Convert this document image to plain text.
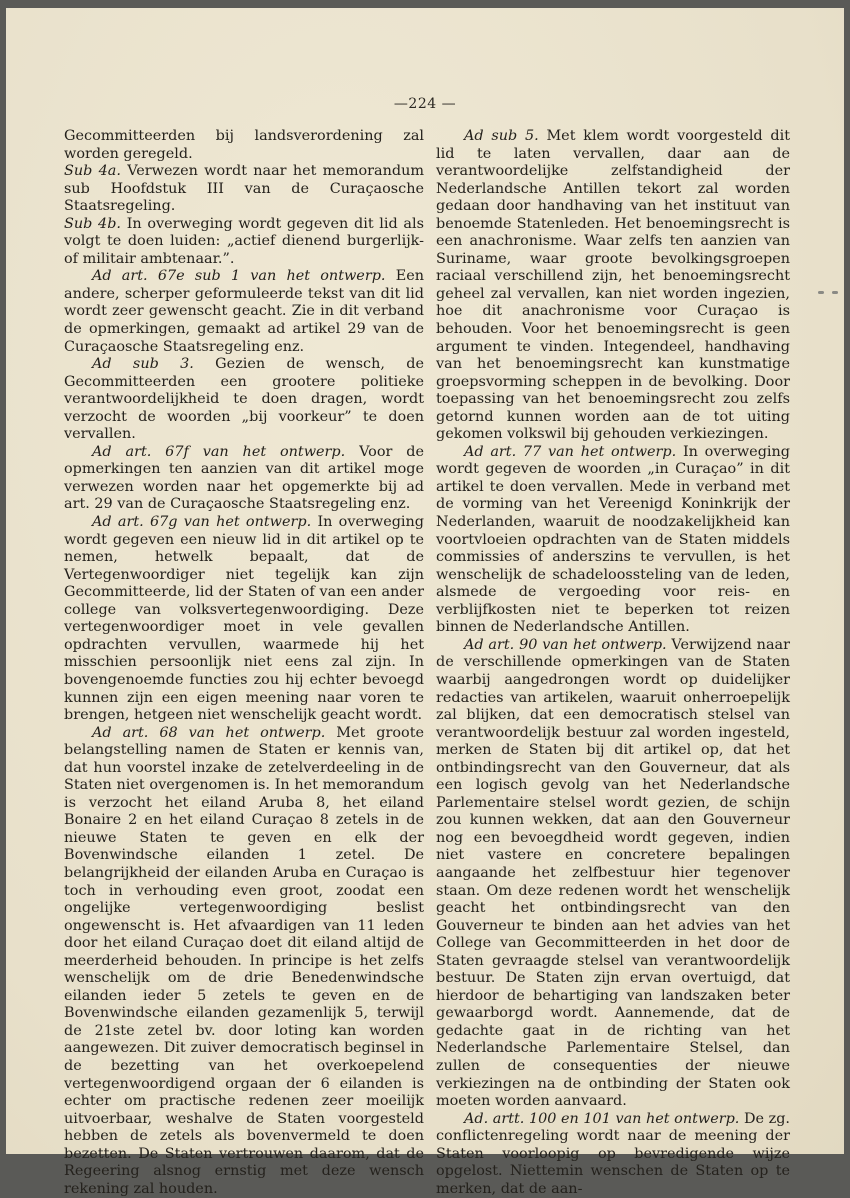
—224 —

Gecommitteerden bij landsverordening zal worden geregeld.

Sub 4a. Verwezen wordt naar het memorandum sub Hoofdstuk III van de Curaçaosche Staatsregeling.

Sub 4b. In overweging wordt gegeven dit lid als volgt te doen luiden: „actief dienend burgerlijk- of militair ambtenaar.”.

Ad art. 67e sub 1 van het ontwerp. Een andere, scherper geformuleerde tekst van dit lid wordt zeer gewenscht geacht. Zie in dit verband de opmerkingen, gemaakt ad artikel 29 van de Curaçaosche Staatsregeling enz.

Ad sub 3. Gezien de wensch, de Gecommitteerden een grootere politieke verantwoordelijkheid te doen dragen, wordt verzocht de woorden „bij voorkeur” te doen vervallen.

Ad art. 67f van het ontwerp. Voor de opmerkingen ten aanzien van dit artikel moge verwezen worden naar het opgemerkte bij ad art. 29 van de Curaçaosche Staatsregeling enz.

Ad art. 67g van het ontwerp. In overweging wordt gegeven een nieuw lid in dit artikel op te nemen, hetwelk bepaalt, dat de Vertegenwoordiger niet tegelijk kan zijn Gecommitteerde, lid der Staten of van een ander college van volksvertegenwoordiging. Deze vertegenwoordiger moet in vele gevallen opdrachten vervullen, waarmede hij het misschien persoonlijk niet eens zal zijn. In bovengenoemde functies zou hij echter bevoegd kunnen zijn een eigen meening naar voren te brengen, hetgeen niet wenschelijk geacht wordt.

Ad art. 68 van het ontwerp. Met groote belangstelling namen de Staten er kennis van, dat hun voorstel inzake de zetelverdeeling in de Staten niet overgenomen is. In het memorandum is verzocht het eiland Aruba 8, het eiland Bonaire 2 en het eiland Curaçao 8 zetels in de nieuwe Staten te geven en elk der Bovenwindsche eilanden 1 zetel. De belangrijkheid der eilanden Aruba en Curaçao is toch in verhouding even groot, zoodat een ongelijke vertegenwoordiging beslist ongewenscht is. Het afvaardigen van 11 leden door het eiland Curaçao doet dit eiland altijd de meerderheid behouden. In principe is het zelfs wenschelijk om de drie Benedenwindsche eilanden ieder 5 zetels te geven en de Bovenwindsche eilanden gezamenlijk 5, terwijl de 21ste zetel bv. door loting kan worden aangewezen. Dit zuiver democratisch beginsel in de bezetting van het overkoepelend vertegenwoordigend orgaan der 6 eilanden is echter om practische redenen zeer moeilijk uitvoerbaar, weshalve de Staten voorgesteld hebben de zetels als bovenvermeld te doen bezetten. De Staten vertrouwen daarom, dat de Regeering alsnog ernstig met deze wensch rekening zal houden.

Ad sub 5. Met klem wordt voorgesteld dit lid te laten vervallen, daar aan de verantwoordelijke zelfstandigheid der Nederlandsche Antillen tekort zal worden gedaan door handhaving van het instituut van benoemde Statenleden. Het benoemingsrecht is een anachronisme. Waar zelfs ten aanzien van Suriname, waar groote bevolkingsgroepen raciaal verschillend zijn, het benoemingsrecht geheel zal vervallen, kan niet worden ingezien, hoe dit anachronisme voor Curaçao is behouden. Voor het benoemingsrecht is geen argument te vinden. Integendeel, handhaving van het benoemingsrecht kan kunstmatige groepsvorming scheppen in de bevolking. Door toepassing van het benoemingsrecht zou zelfs getornd kunnen worden aan de tot uiting gekomen volkswil bij gehouden verkiezingen.

Ad art. 77 van het ontwerp. In overweging wordt gegeven de woorden „in Curaçao” in dit artikel te doen vervallen. Mede in verband met de vorming van het Vereenigd Koninkrijk der Nederlanden, waaruit de noodzakelijkheid kan voortvloeien opdrachten van de Staten middels commissies of anderszins te vervullen, is het wenschelijk de schadeloossteling van de leden, alsmede de vergoeding voor reis- en verblijfkosten niet te beperken tot reizen binnen de Nederlandsche Antillen.

Ad art. 90 van het ontwerp. Verwijzend naar de verschillende opmerkingen van de Staten waarbij aangedrongen wordt op duidelijker redacties van artikelen, waaruit onherroepelijk zal blijken, dat een democratisch stelsel van verantwoordelijk bestuur zal worden ingesteld, merken de Staten bij dit artikel op, dat het ontbindingsrecht van den Gouverneur, dat als een logisch gevolg van het Nederlandsche Parlementaire stelsel wordt gezien, de schijn zou kunnen wekken, dat aan den Gouverneur nog een bevoegdheid wordt gegeven, indien niet vastere en concretere bepalingen aangaande het zelfbestuur hier tegenover staan. Om deze redenen wordt het wenschelijk geacht het ontbindingsrecht van den Gouverneur te binden aan het advies van het College van Gecommitteerden in het door de Staten gevraagde stelsel van verantwoordelijk bestuur. De Staten zijn ervan overtuigd, dat hierdoor de behartiging van landszaken beter gewaarborgd wordt. Aannemende, dat de gedachte gaat in de richting van het Nederlandsche Parlementaire Stelsel, dan zullen de consequenties der nieuwe verkiezingen na de ontbinding der Staten ook moeten worden aanvaard.

Ad. artt. 100 en 101 van het ontwerp. De zg. conflictenregeling wordt naar de meening der Staten voorloopig op bevredigende wijze opgelost. Niettemin wenschen de Staten op te merken, dat de aan-
